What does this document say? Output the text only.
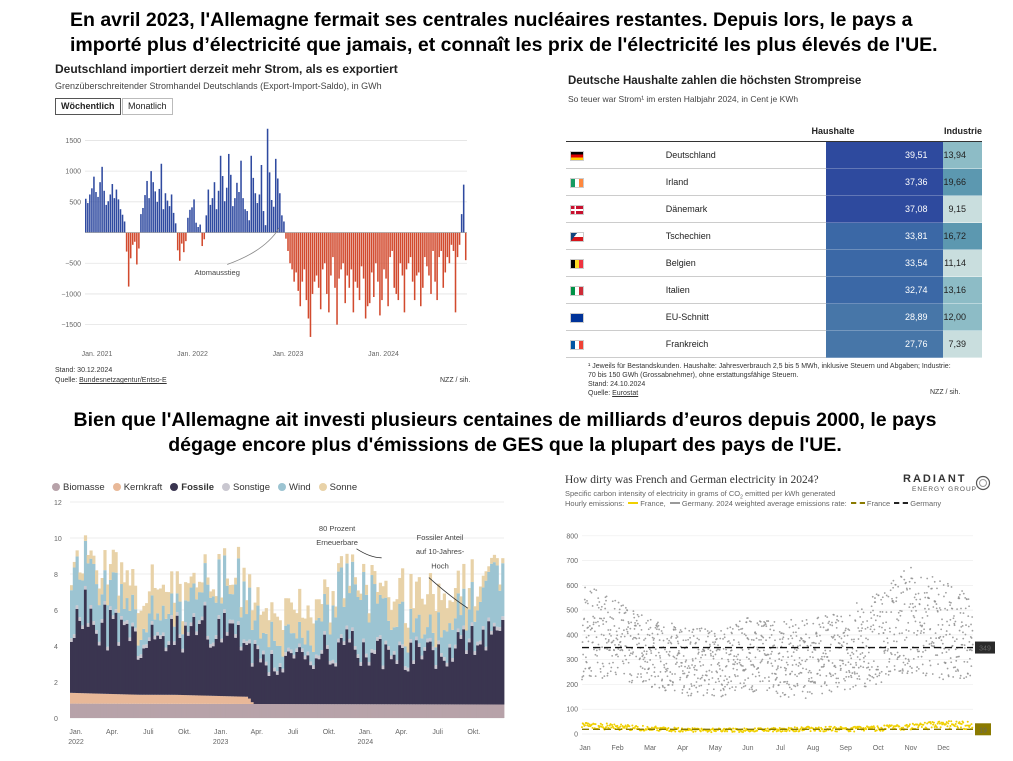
En avril 2023, l'Allemagne fermait ses centrales nucléaires restantes. Depuis lors, le pays a
importé plus d’électricité que jamais, et connaît les prix de l'électricité les plus élevés de l'UE.
Bien que l'Allemagne ait investi plusieurs centaines de milliards d’euros depuis 2000, le pays
dégage encore plus d'émissions de GES que la plupart des pays de l'UE.
Deutschland importiert derzeit mehr Strom, als es exportiert
Grenzüberschreitender Stromhandel Deutschlands (Export-Import-Saldo), in GWh
Wöchentlich	Monatlich
1500
1000
500
−500
−1000
−1500
Jan. 2021	Jan. 2022	Jan. 2023	Jan. 2024
Atomausstieg
Stand: 30.12.2024
Quelle: Bundesnetzagentur/Entso-E	NZZ / sih.
Deutsche Haushalte zahlen die höchsten Strompreise
So teuer war Strom¹ im ersten Halbjahr 2024, in Cent je KWh
Haushalte	Industrie
	Deutschland	39,51	13,94
	Irland	37,36	19,66
	Dänemark	37,08	9,15
	Tschechien	33,81	16,72
	Belgien	33,54	11,14
	Italien	32,74	13,16
	EU-Schnitt	28,89	12,00
	Frankreich	27,76	7,39
¹ Jeweils für Bestandskunden. Haushalte: Jahresverbrauch 2,5 bis 5 MWh, inklusive Steuern und Abgaben; Industrie:
70 bis 150 GWh (Grossabnehmer), ohne erstattungsfähige Steuern.
Stand: 24.10.2024
Quelle: Eurostat	NZZ / sih.
Biomasse Kernkraft Fossile Sonstige Wind Sonne
0
2
4
6
8
10
12
Jan.
2022
Apr.	Juli	Okt.	Jan.
2023
Apr.	Juli	Okt.	Jan.
2024
Apr.	Juli	Okt.
80 Prozent
Erneuerbare
Fossiler Anteil
auf 10-Jahres-
Hoch
How dirty was French and German electricity in 2024?
Specific carbon intensity of electricity in grams of $CO_2$ emitted per kWh generated
Hourly emissions: France, Germany. 2024 weighted average emissions rate:	France	Germany
RADIANT
ENERGY GROUP
0
100
200
300
400
500
600
700
800
349
19
Jan	Feb	Mar	Apr	May	Jun	Jul	Aug	Sep	Oct	Nov	Dec
